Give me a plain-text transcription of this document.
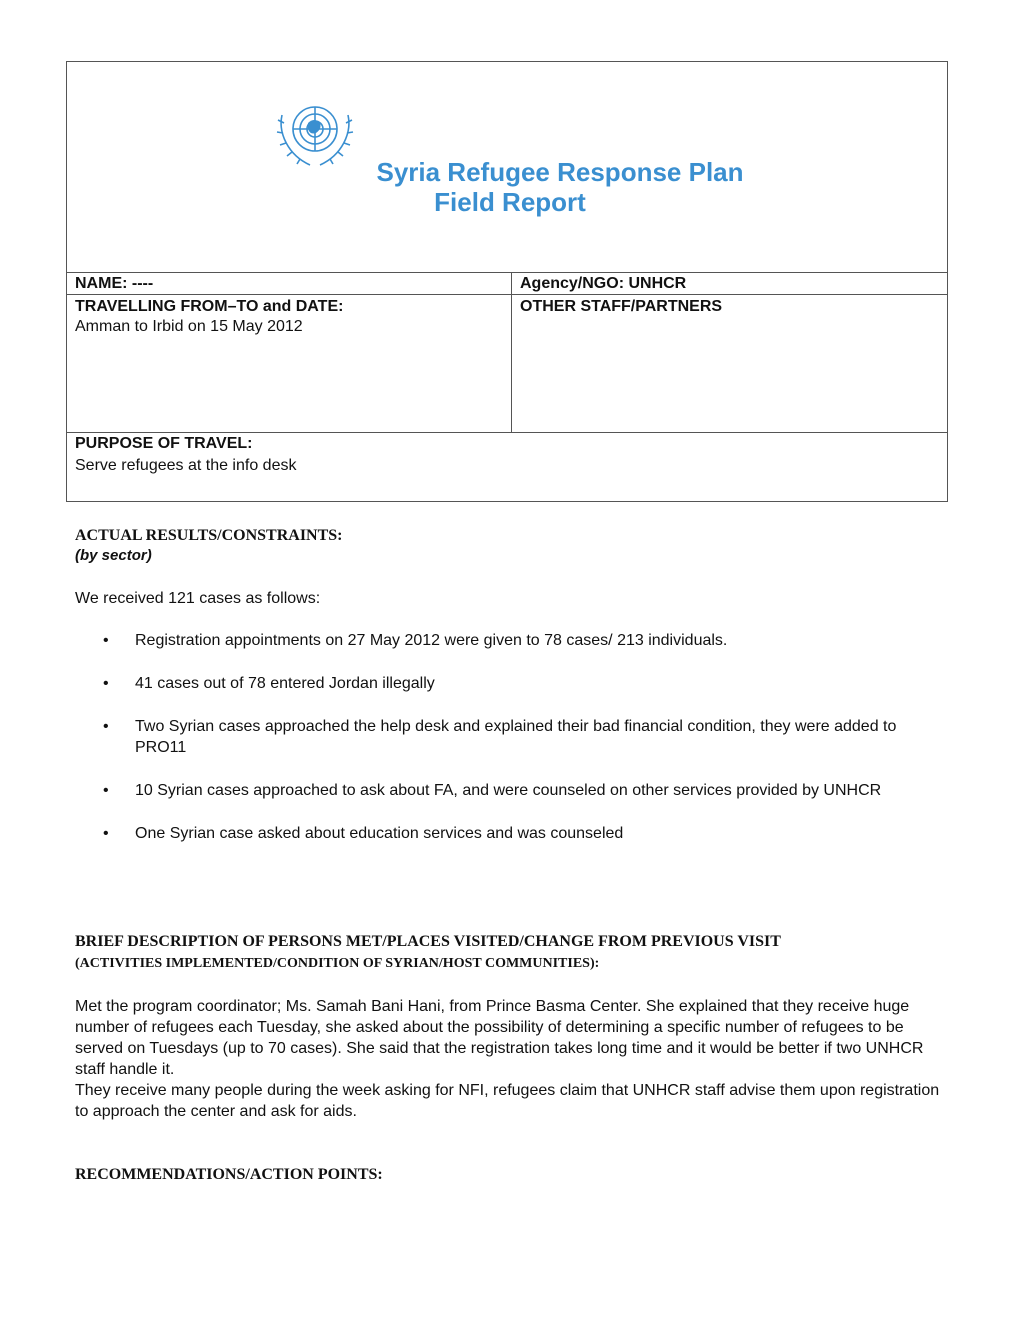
Syria Refugee Response Plan
Field Report
NAME: ----	Agency/NGO: UNHCR
TRAVELLING FROM–TO and DATE:
Amman to Irbid on 15 May 2012
OTHER STAFF/PARTNERS
PURPOSE OF TRAVEL:
Serve refugees at the info desk
ACTUAL RESULTS/CONSTRAINTS:
(by sector)
We received 121 cases as follows:
• Registration appointments on 27 May 2012 were given to 78 cases/ 213 individuals.
• 41 cases out of 78 entered Jordan illegally
• Two Syrian cases approached the help desk and explained their bad financial condition, they were added to PRO11
• 10 Syrian cases approached to ask about FA, and were counseled on other services provided by UNHCR
• One Syrian case asked about education services and was counseled
BRIEF DESCRIPTION OF PERSONS MET/PLACES VISITED/CHANGE FROM PREVIOUS VISIT
(ACTIVITIES IMPLEMENTED/CONDITION OF SYRIAN/HOST COMMUNITIES):
Met the program coordinator; Ms. Samah Bani Hani, from Prince Basma Center. She explained that they receive huge number of refugees each Tuesday, she asked about the possibility of determining a specific number of refugees to be served on Tuesdays (up to 70 cases). She said that the registration takes long time and it would be better if two UNHCR staff handle it.
They receive many people during the week asking for NFI, refugees claim that UNHCR staff advise them upon registration to approach the center and ask for aids.
RECOMMENDATIONS/ACTION POINTS:
